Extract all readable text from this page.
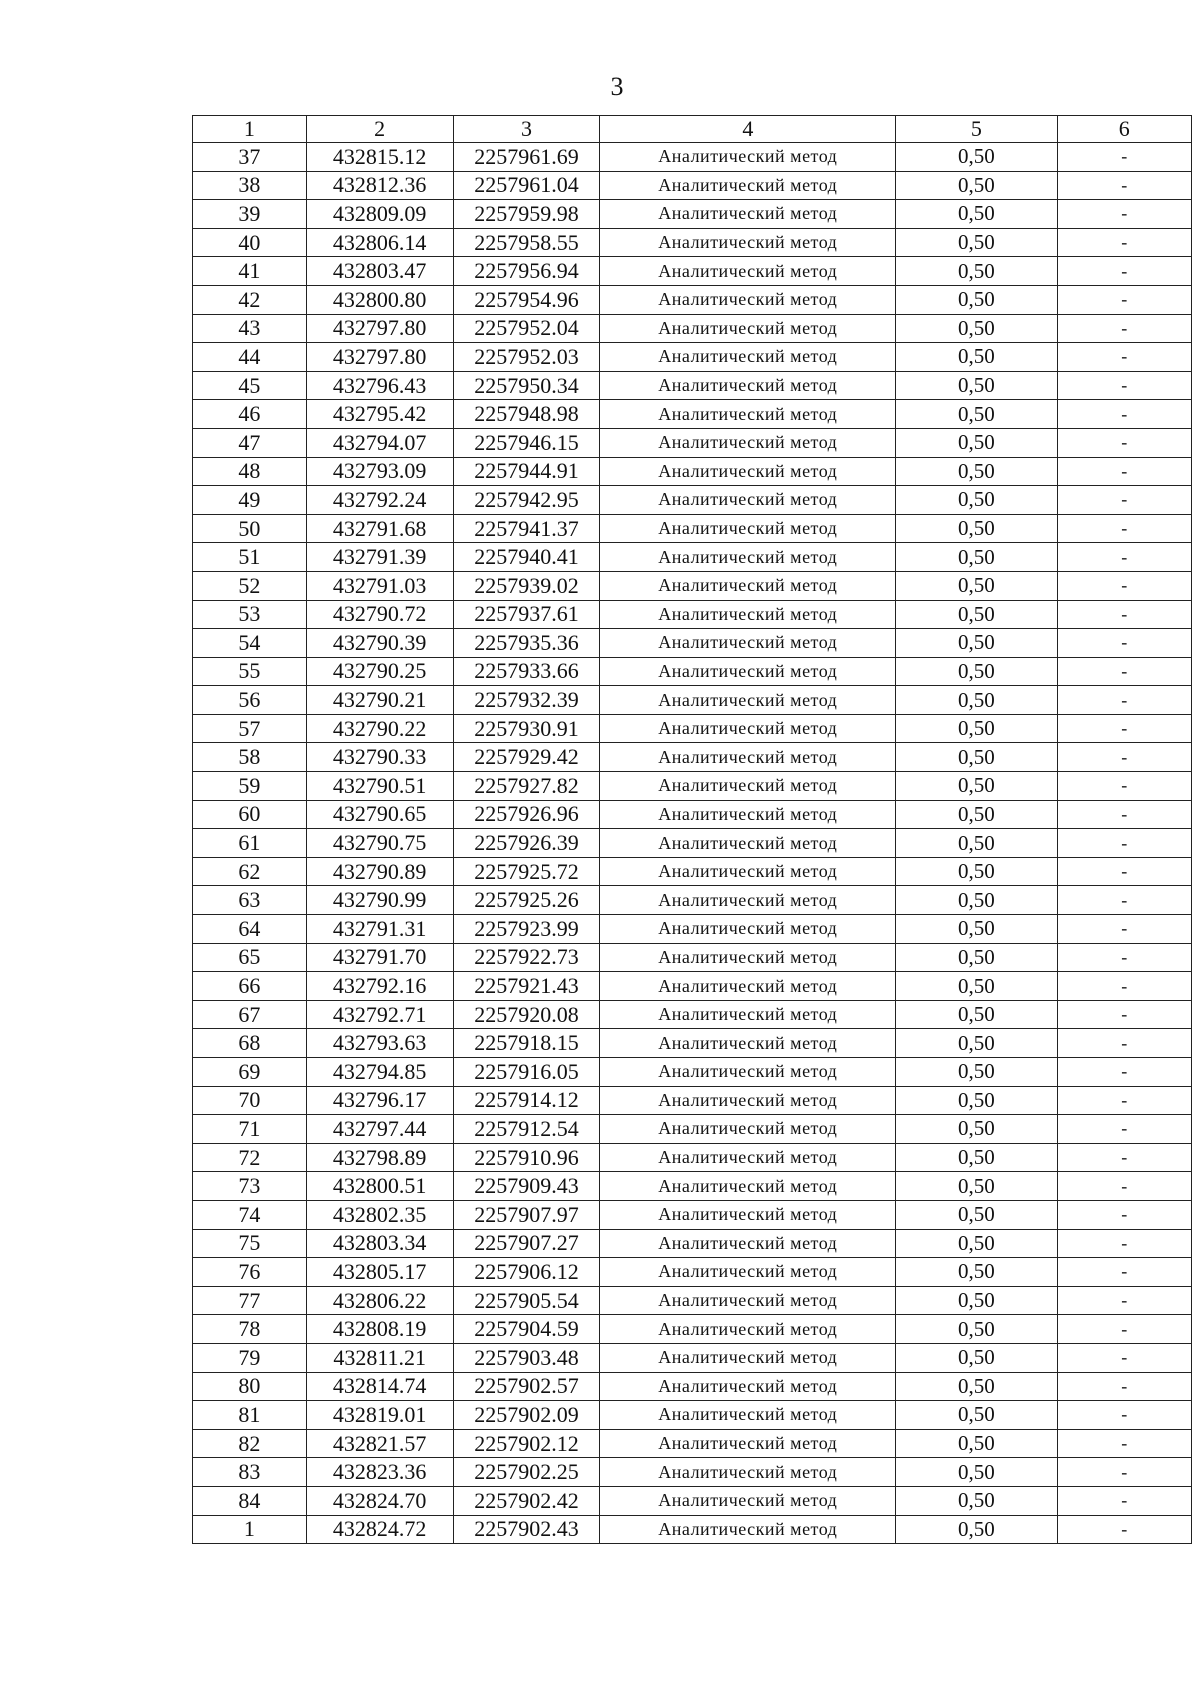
3
1	2	3	4	5	6
37	432815.12	2257961.69	Аналитический метод	0,50	-
38	432812.36	2257961.04	Аналитический метод	0,50	-
39	432809.09	2257959.98	Аналитический метод	0,50	-
40	432806.14	2257958.55	Аналитический метод	0,50	-
41	432803.47	2257956.94	Аналитический метод	0,50	-
42	432800.80	2257954.96	Аналитический метод	0,50	-
43	432797.80	2257952.04	Аналитический метод	0,50	-
44	432797.80	2257952.03	Аналитический метод	0,50	-
45	432796.43	2257950.34	Аналитический метод	0,50	-
46	432795.42	2257948.98	Аналитический метод	0,50	-
47	432794.07	2257946.15	Аналитический метод	0,50	-
48	432793.09	2257944.91	Аналитический метод	0,50	-
49	432792.24	2257942.95	Аналитический метод	0,50	-
50	432791.68	2257941.37	Аналитический метод	0,50	-
51	432791.39	2257940.41	Аналитический метод	0,50	-
52	432791.03	2257939.02	Аналитический метод	0,50	-
53	432790.72	2257937.61	Аналитический метод	0,50	-
54	432790.39	2257935.36	Аналитический метод	0,50	-
55	432790.25	2257933.66	Аналитический метод	0,50	-
56	432790.21	2257932.39	Аналитический метод	0,50	-
57	432790.22	2257930.91	Аналитический метод	0,50	-
58	432790.33	2257929.42	Аналитический метод	0,50	-
59	432790.51	2257927.82	Аналитический метод	0,50	-
60	432790.65	2257926.96	Аналитический метод	0,50	-
61	432790.75	2257926.39	Аналитический метод	0,50	-
62	432790.89	2257925.72	Аналитический метод	0,50	-
63	432790.99	2257925.26	Аналитический метод	0,50	-
64	432791.31	2257923.99	Аналитический метод	0,50	-
65	432791.70	2257922.73	Аналитический метод	0,50	-
66	432792.16	2257921.43	Аналитический метод	0,50	-
67	432792.71	2257920.08	Аналитический метод	0,50	-
68	432793.63	2257918.15	Аналитический метод	0,50	-
69	432794.85	2257916.05	Аналитический метод	0,50	-
70	432796.17	2257914.12	Аналитический метод	0,50	-
71	432797.44	2257912.54	Аналитический метод	0,50	-
72	432798.89	2257910.96	Аналитический метод	0,50	-
73	432800.51	2257909.43	Аналитический метод	0,50	-
74	432802.35	2257907.97	Аналитический метод	0,50	-
75	432803.34	2257907.27	Аналитический метод	0,50	-
76	432805.17	2257906.12	Аналитический метод	0,50	-
77	432806.22	2257905.54	Аналитический метод	0,50	-
78	432808.19	2257904.59	Аналитический метод	0,50	-
79	432811.21	2257903.48	Аналитический метод	0,50	-
80	432814.74	2257902.57	Аналитический метод	0,50	-
81	432819.01	2257902.09	Аналитический метод	0,50	-
82	432821.57	2257902.12	Аналитический метод	0,50	-
83	432823.36	2257902.25	Аналитический метод	0,50	-
84	432824.70	2257902.42	Аналитический метод	0,50	-
1	432824.72	2257902.43	Аналитический метод	0,50	-
